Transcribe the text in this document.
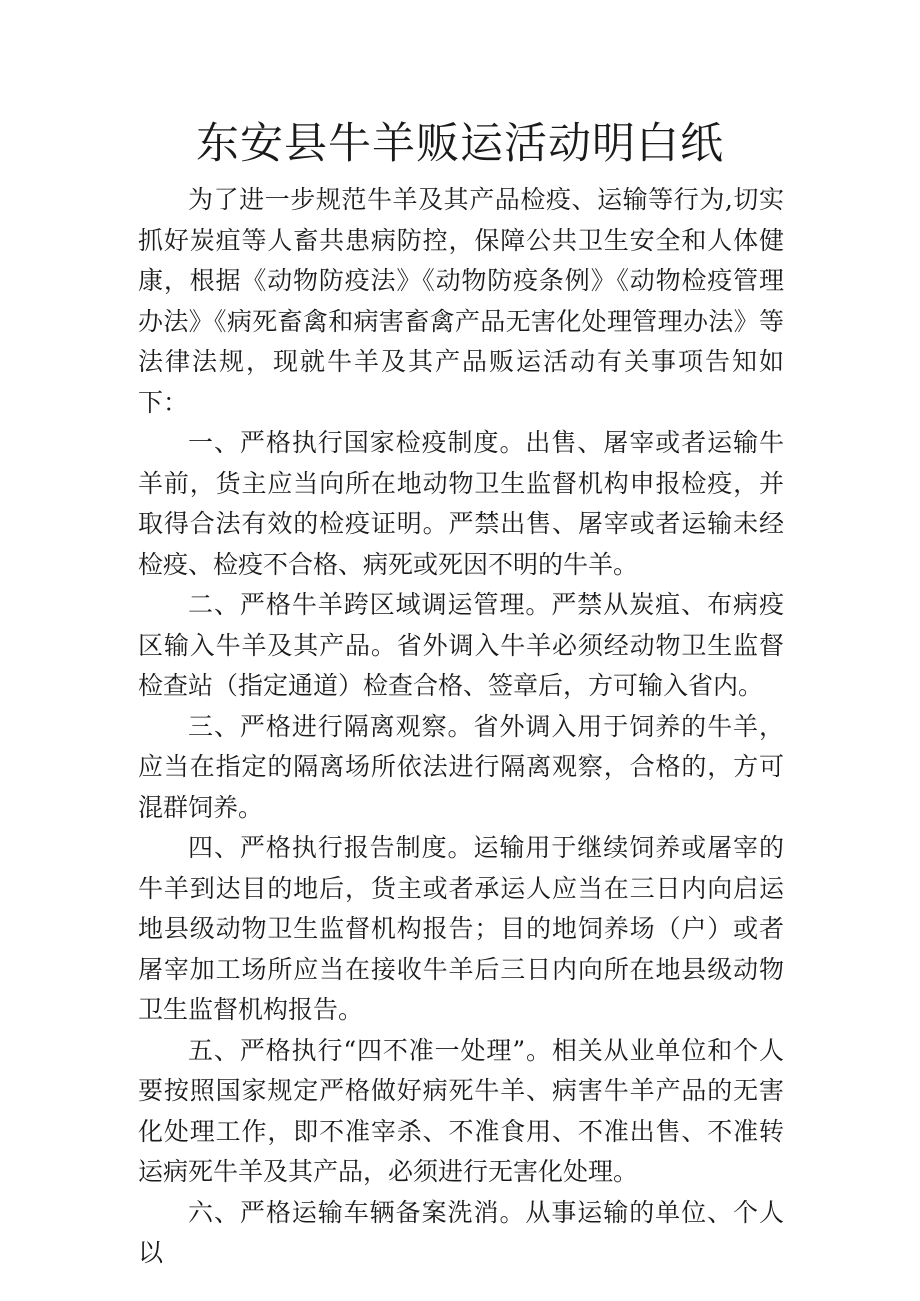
东安县牛羊贩运活动明白纸

为了进一步规范牛羊及其产品检疫、运输等行为,切实抓好炭疽等人畜共患病防控，保障公共卫生安全和人体健康，根据《动物防疫法》《动物防疫条例》《动物检疫管理办法》《病死畜禽和病害畜禽产品无害化处理管理办法》等法律法规，现就牛羊及其产品贩运活动有关事项告知如下：

一、严格执行国家检疫制度。出售、屠宰或者运输牛羊前，货主应当向所在地动物卫生监督机构申报检疫，并取得合法有效的检疫证明。严禁出售、屠宰或者运输未经检疫、检疫不合格、病死或死因不明的牛羊。

二、严格牛羊跨区域调运管理。严禁从炭疽、布病疫区输入牛羊及其产品。省外调入牛羊必须经动物卫生监督检查站（指定通道）检查合格、签章后，方可输入省内。

三、严格进行隔离观察。省外调入用于饲养的牛羊，应当在指定的隔离场所依法进行隔离观察，合格的，方可混群饲养。

四、严格执行报告制度。运输用于继续饲养或屠宰的牛羊到达目的地后，货主或者承运人应当在三日内向启运地县级动物卫生监督机构报告；目的地饲养场（户）或者屠宰加工场所应当在接收牛羊后三日内向所在地县级动物卫生监督机构报告。

五、严格执行“四不准一处理”。相关从业单位和个人要按照国家规定严格做好病死牛羊、病害牛羊产品的无害化处理工作，即不准宰杀、不准食用、不准出售、不准转运病死牛羊及其产品，必须进行无害化处理。

六、严格运输车辆备案洗消。从事运输的单位、个人以
